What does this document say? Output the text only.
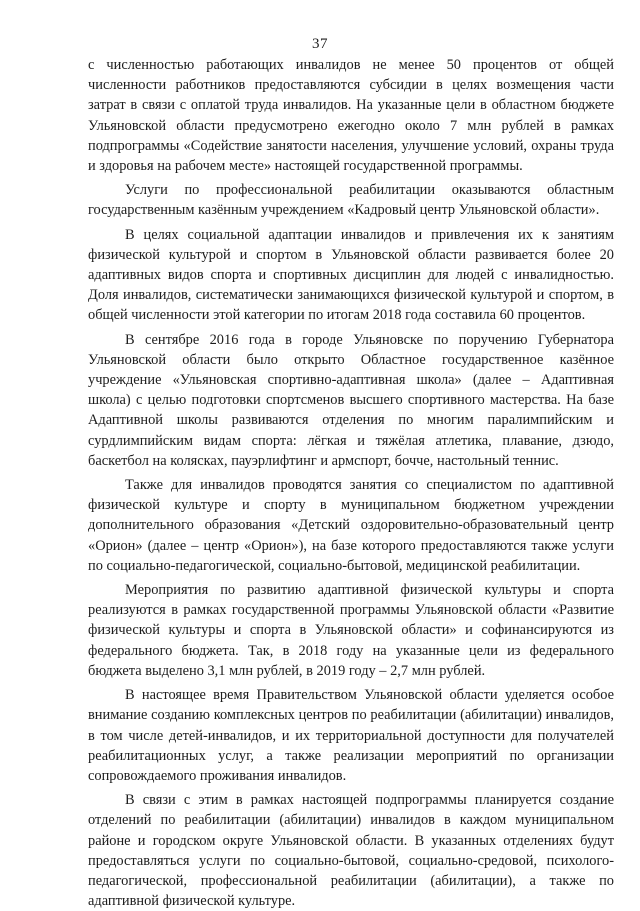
37

с численностью работающих инвалидов не менее 50 процентов от общей численности работников предоставляются субсидии в целях возмещения части затрат в связи с оплатой труда инвалидов. На указанные цели в областном бюджете Ульяновской области предусмотрено ежегодно около 7 млн рублей в рамках подпрограммы «Содействие занятости населения, улучшение условий, охраны труда и здоровья на рабочем месте» настоящей государственной программы.

Услуги по профессиональной реабилитации оказываются областным государственным казённым учреждением «Кадровый центр Ульяновской области».

В целях социальной адаптации инвалидов и привлечения их к занятиям физической культурой и спортом в Ульяновской области развивается более 20 адаптивных видов спорта и спортивных дисциплин для людей с инвалидностью. Доля инвалидов, систематически занимающихся физической культурой и спортом, в общей численности этой категории по итогам 2018 года составила 60 процентов.

В сентябре 2016 года в городе Ульяновске по поручению Губернатора Ульяновской области было открыто Областное государственное казённое учреждение «Ульяновская спортивно-адаптивная школа» (далее – Адаптивная школа) с целью подготовки спортсменов высшего спортивного мастерства. На базе Адаптивной школы развиваются отделения по многим паралимпийским и сурдлимпийским видам спорта: лёгкая и тяжёлая атлетика, плавание, дзюдо, баскетбол на колясках, пауэрлифтинг и армспорт, бочче, настольный теннис.

Также для инвалидов проводятся занятия со специалистом по адаптивной физической культуре и спорту в муниципальном бюджетном учреждении дополнительного образования «Детский оздоровительно-образовательный центр «Орион» (далее – центр «Орион»), на базе которого предоставляются также услуги по социально-педагогической, социально-бытовой, медицинской реабилитации.

Мероприятия по развитию адаптивной физической культуры и спорта реализуются в рамках государственной программы Ульяновской области «Развитие физической культуры и спорта в Ульяновской области» и софинансируются из федерального бюджета. Так, в 2018 году на указанные цели из федерального бюджета выделено 3,1 млн рублей, в 2019 году – 2,7 млн рублей.

В настоящее время Правительством Ульяновской области уделяется особое внимание созданию комплексных центров по реабилитации (абилитации) инвалидов, в том числе детей-инвалидов, и их территориальной доступности для получателей реабилитационных услуг, а также реализации мероприятий по организации сопровождаемого проживания инвалидов.

В связи с этим в рамках настоящей подпрограммы планируется создание отделений по реабилитации (абилитации) инвалидов в каждом муниципальном районе и городском округе Ульяновской области. В указанных отделениях будут предоставляться услуги по социально-бытовой, социально-средовой, психолого-педагогической, профессиональной реабилитации (абилитации), а также по адаптивной физической культуре.
